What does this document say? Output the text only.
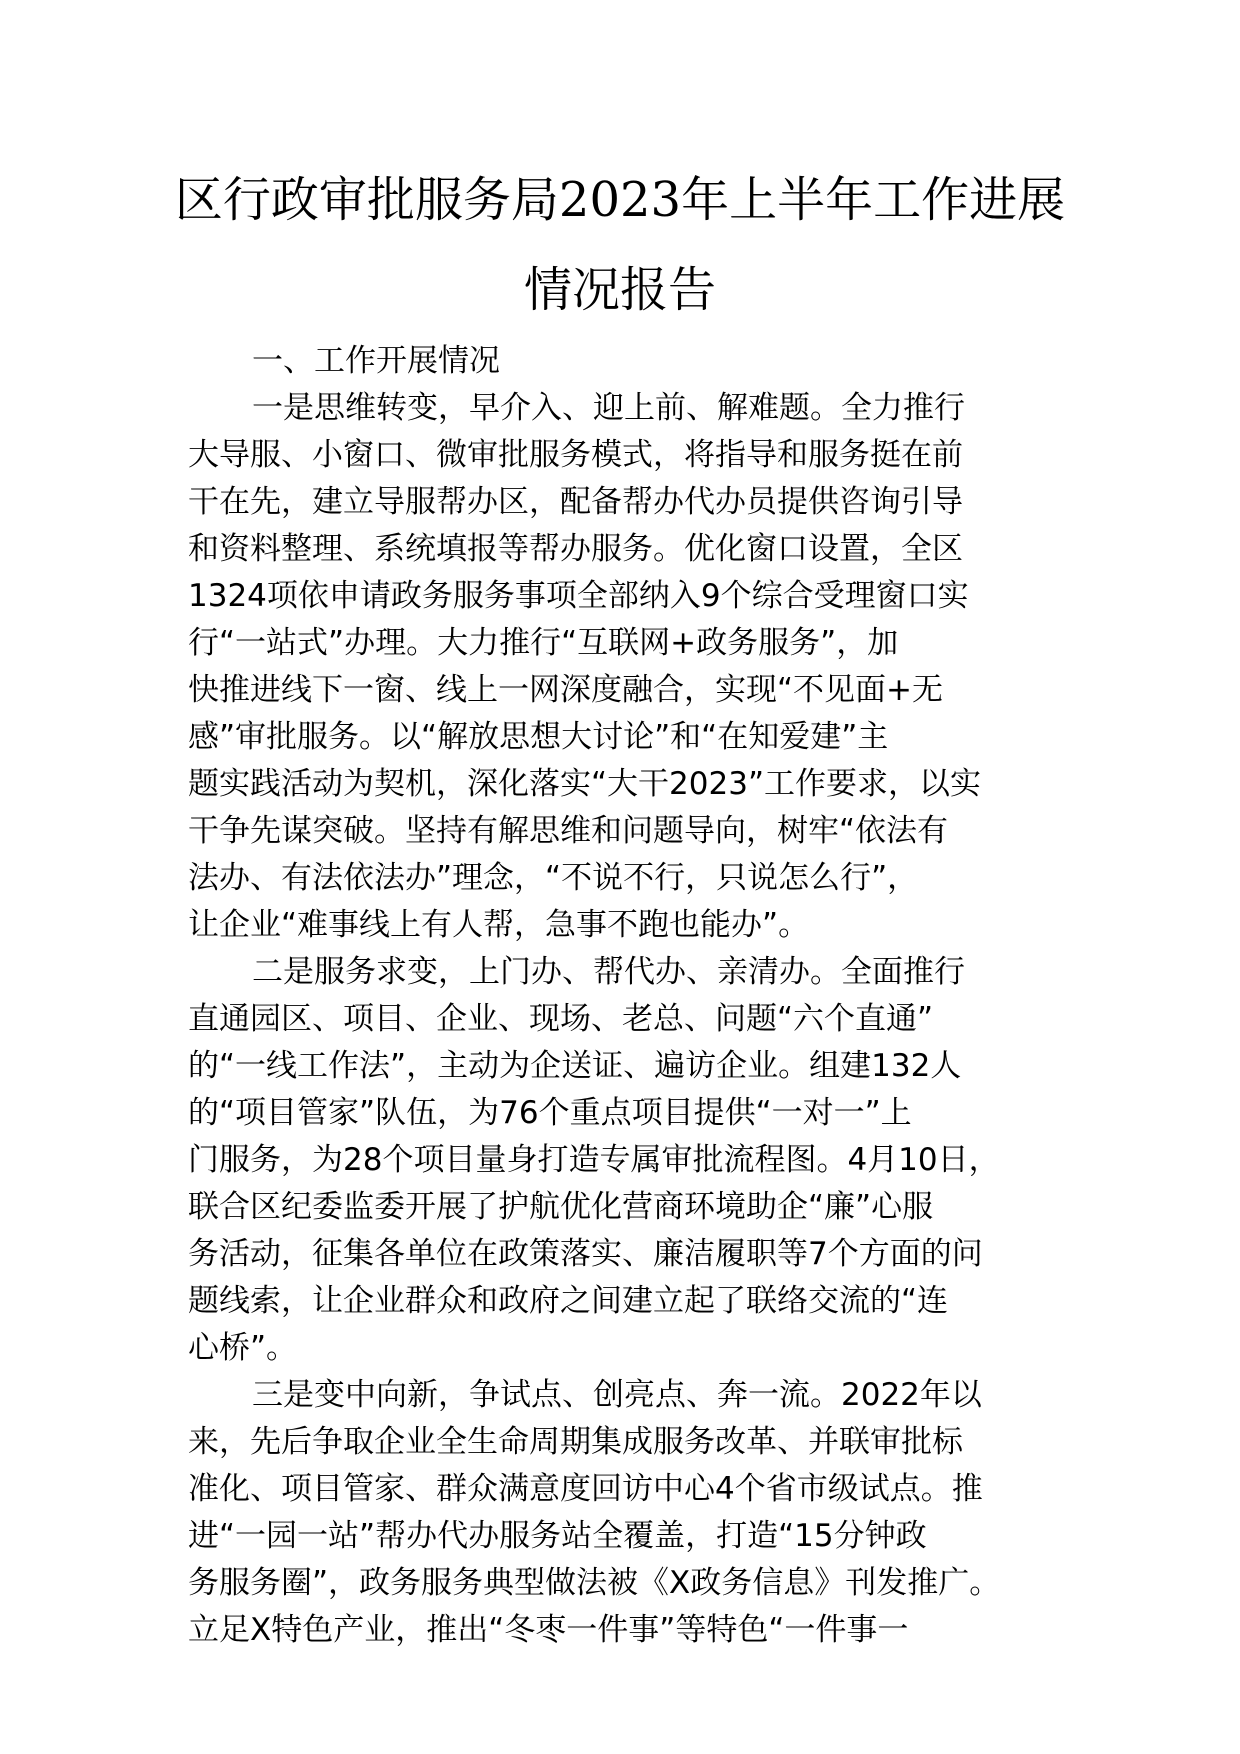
区行政审批服务局2023年上半年工作进展
情况报告
一、工作开展情况
一是思维转变，早介入、迎上前、解难题。全力推行
大导服、小窗口、微审批服务模式，将指导和服务挺在前
干在先，建立导服帮办区，配备帮办代办员提供咨询引导
和资料整理、系统填报等帮办服务。优化窗口设置，全区
1324项依申请政务服务事项全部纳入9个综合受理窗口实
行“一站式”办理。大力推行“互联网+政务服务”，加
快推进线下一窗、线上一网深度融合，实现“不见面+无
感”审批服务。以“解放思想大讨论”和“在知爱建”主
题实践活动为契机，深化落实“大干2023”工作要求，以实
干争先谋突破。坚持有解思维和问题导向，树牢“依法有
法办、有法依法办”理念，“不说不行，只说怎么行”，
让企业“难事线上有人帮，急事不跑也能办”。
二是服务求变，上门办、帮代办、亲清办。全面推行
直通园区、项目、企业、现场、老总、问题“六个直通”
的“一线工作法”，主动为企送证、遍访企业。组建132人
的“项目管家”队伍，为76个重点项目提供“一对一”上
门服务，为28个项目量身打造专属审批流程图。4月10日，
联合区纪委监委开展了护航优化营商环境助企“廉”心服
务活动，征集各单位在政策落实、廉洁履职等7个方面的问
题线索，让企业群众和政府之间建立起了联络交流的“连
心桥”。
三是变中向新，争试点、创亮点、奔一流。2022年以
来，先后争取企业全生命周期集成服务改革、并联审批标
准化、项目管家、群众满意度回访中心4个省市级试点。推
进“一园一站”帮办代办服务站全覆盖，打造“15分钟政
务服务圈”，政务服务典型做法被《X政务信息》刊发推广。
立足X特色产业，推出“冬枣一件事”等特色“一件事一
